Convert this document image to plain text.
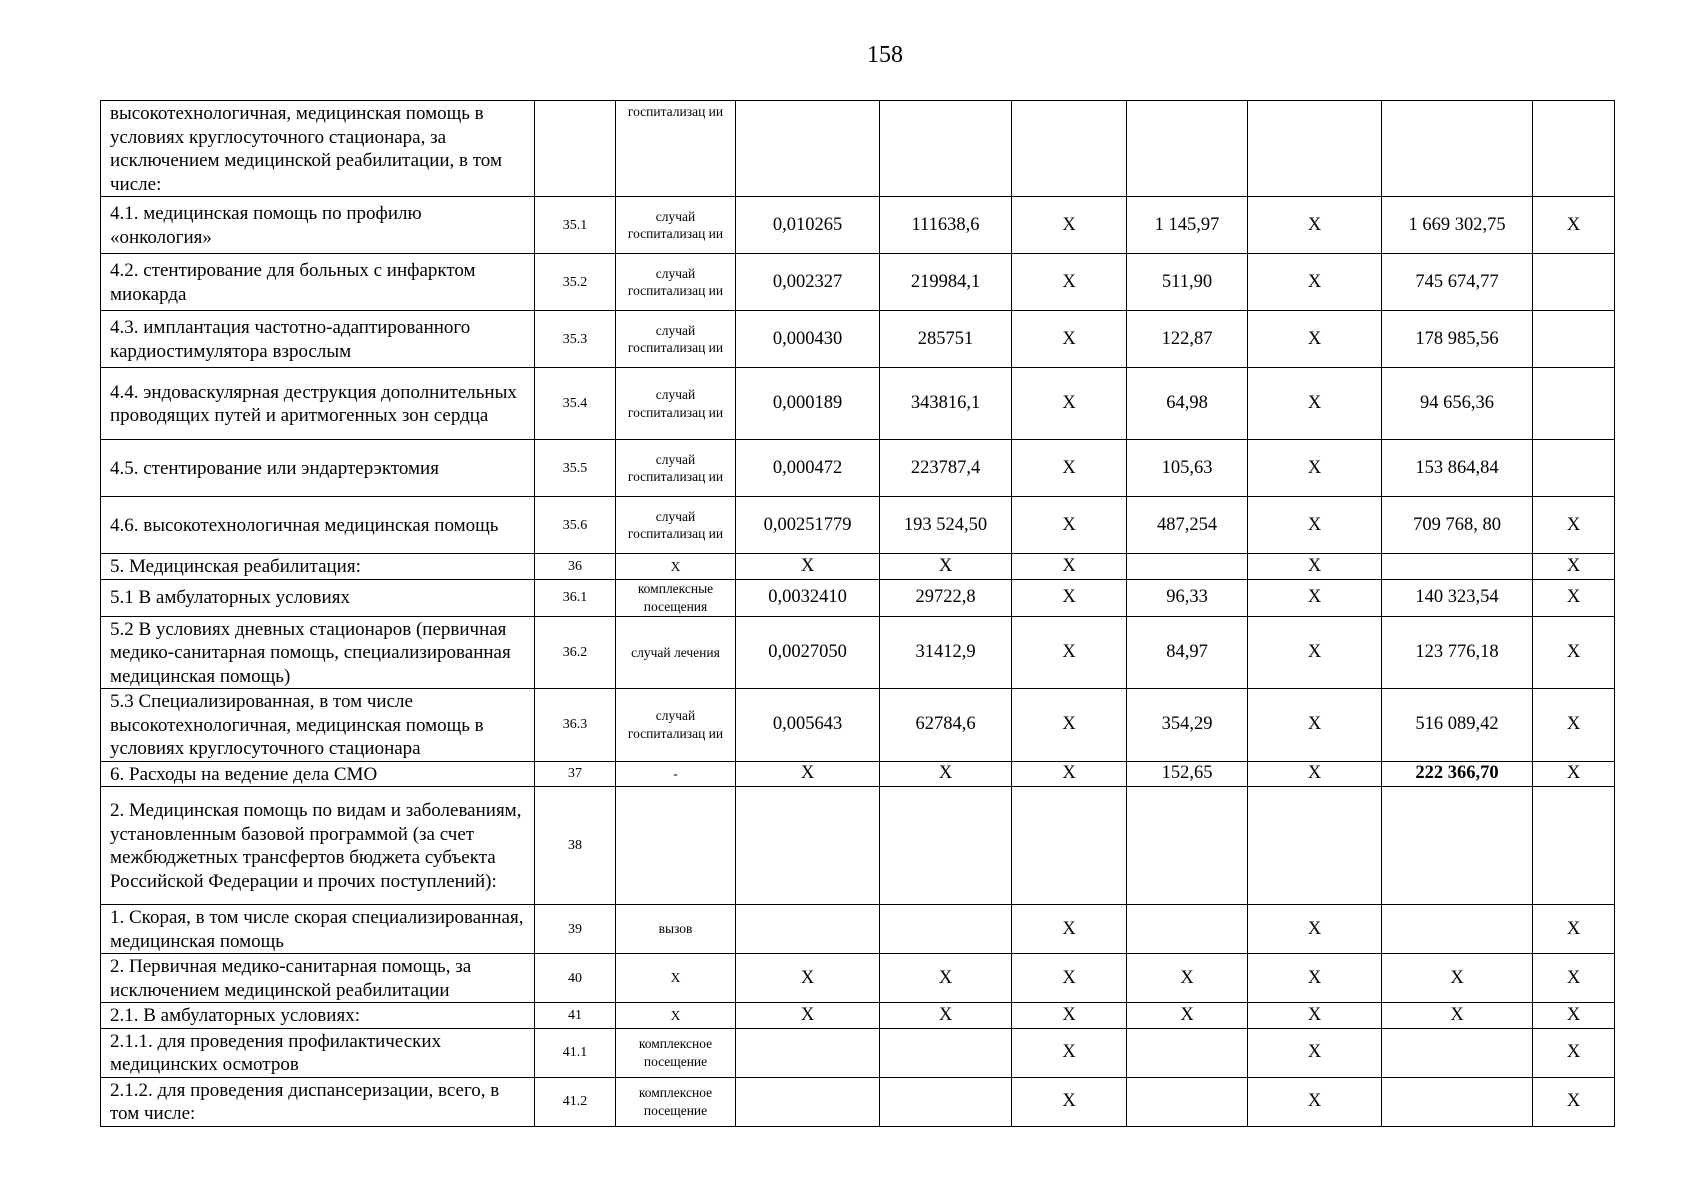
158
высокотехнологичная, медицинская помощь в условиях круглосуточного стационара, за исключением медицинской реабилитации, в том числе:		госпитализац ии							
4.1. медицинская помощь по профилю «онкология»	35.1	случай госпитализац ии	0,010265	111638,6	X	1 145,97	X	1 669 302,75	X
4.2. стентирование для больных с инфарктом миокарда	35.2	случай госпитализац ии	0,002327	219984,1	X	511,90	X	745 674,77	
4.3. имплантация частотно-адаптированного кардиостимулятора взрослым	35.3	случай госпитализац ии	0,000430	285751	X	122,87	X	178 985,56	
4.4. эндоваскулярная деструкция дополнительных проводящих путей и аритмогенных зон сердца	35.4	случай госпитализац ии	0,000189	343816,1	X	64,98	X	94 656,36	
4.5. стентирование или эндартерэктомия	35.5	случай госпитализац ии	0,000472	223787,4	X	105,63	X	153 864,84	
4.6. высокотехнологичная медицинская помощь	35.6	случай госпитализац ии	0,00251779	193 524,50	X	487,254	X	709 768, 80	X
5. Медицинская реабилитация:	36	X	X	X	X		X		X
5.1 В амбулаторных условиях	36.1	комплексные посещения	0,0032410	29722,8	X	96,33	X	140 323,54	X
5.2 В условиях дневных стационаров (первичная медико-санитарная помощь, специализированная медицинская помощь)	36.2	случай лечения	0,0027050	31412,9	X	84,97	X	123 776,18	X
5.3 Специализированная, в том числе высокотехнологичная, медицинская помощь в условиях круглосуточного стационара	36.3	случай госпитализац ии	0,005643	62784,6	X	354,29	X	516 089,42	X
6. Расходы на ведение дела СМО	37	-	X	X	X	152,65	X	222 366,70	X
2. Медицинская помощь по видам и заболеваниям, установленным базовой программой (за счет межбюджетных трансфертов бюджета субъекта Российской Федерации и прочих поступлений):	38								
1. Скорая, в том числе скорая специализированная, медицинская помощь	39	вызов			X		X		X
2. Первичная медико-санитарная помощь, за исключением медицинской реабилитации	40	X	X	X	X	X	X	X	X
2.1. В амбулаторных условиях:	41	X	X	X	X	X	X	X	X
2.1.1. для проведения профилактических медицинских осмотров	41.1	комплексное посещение			X		X		X
2.1.2. для проведения диспансеризации, всего, в том числе:	41.2	комплексное посещение			X		X		X
